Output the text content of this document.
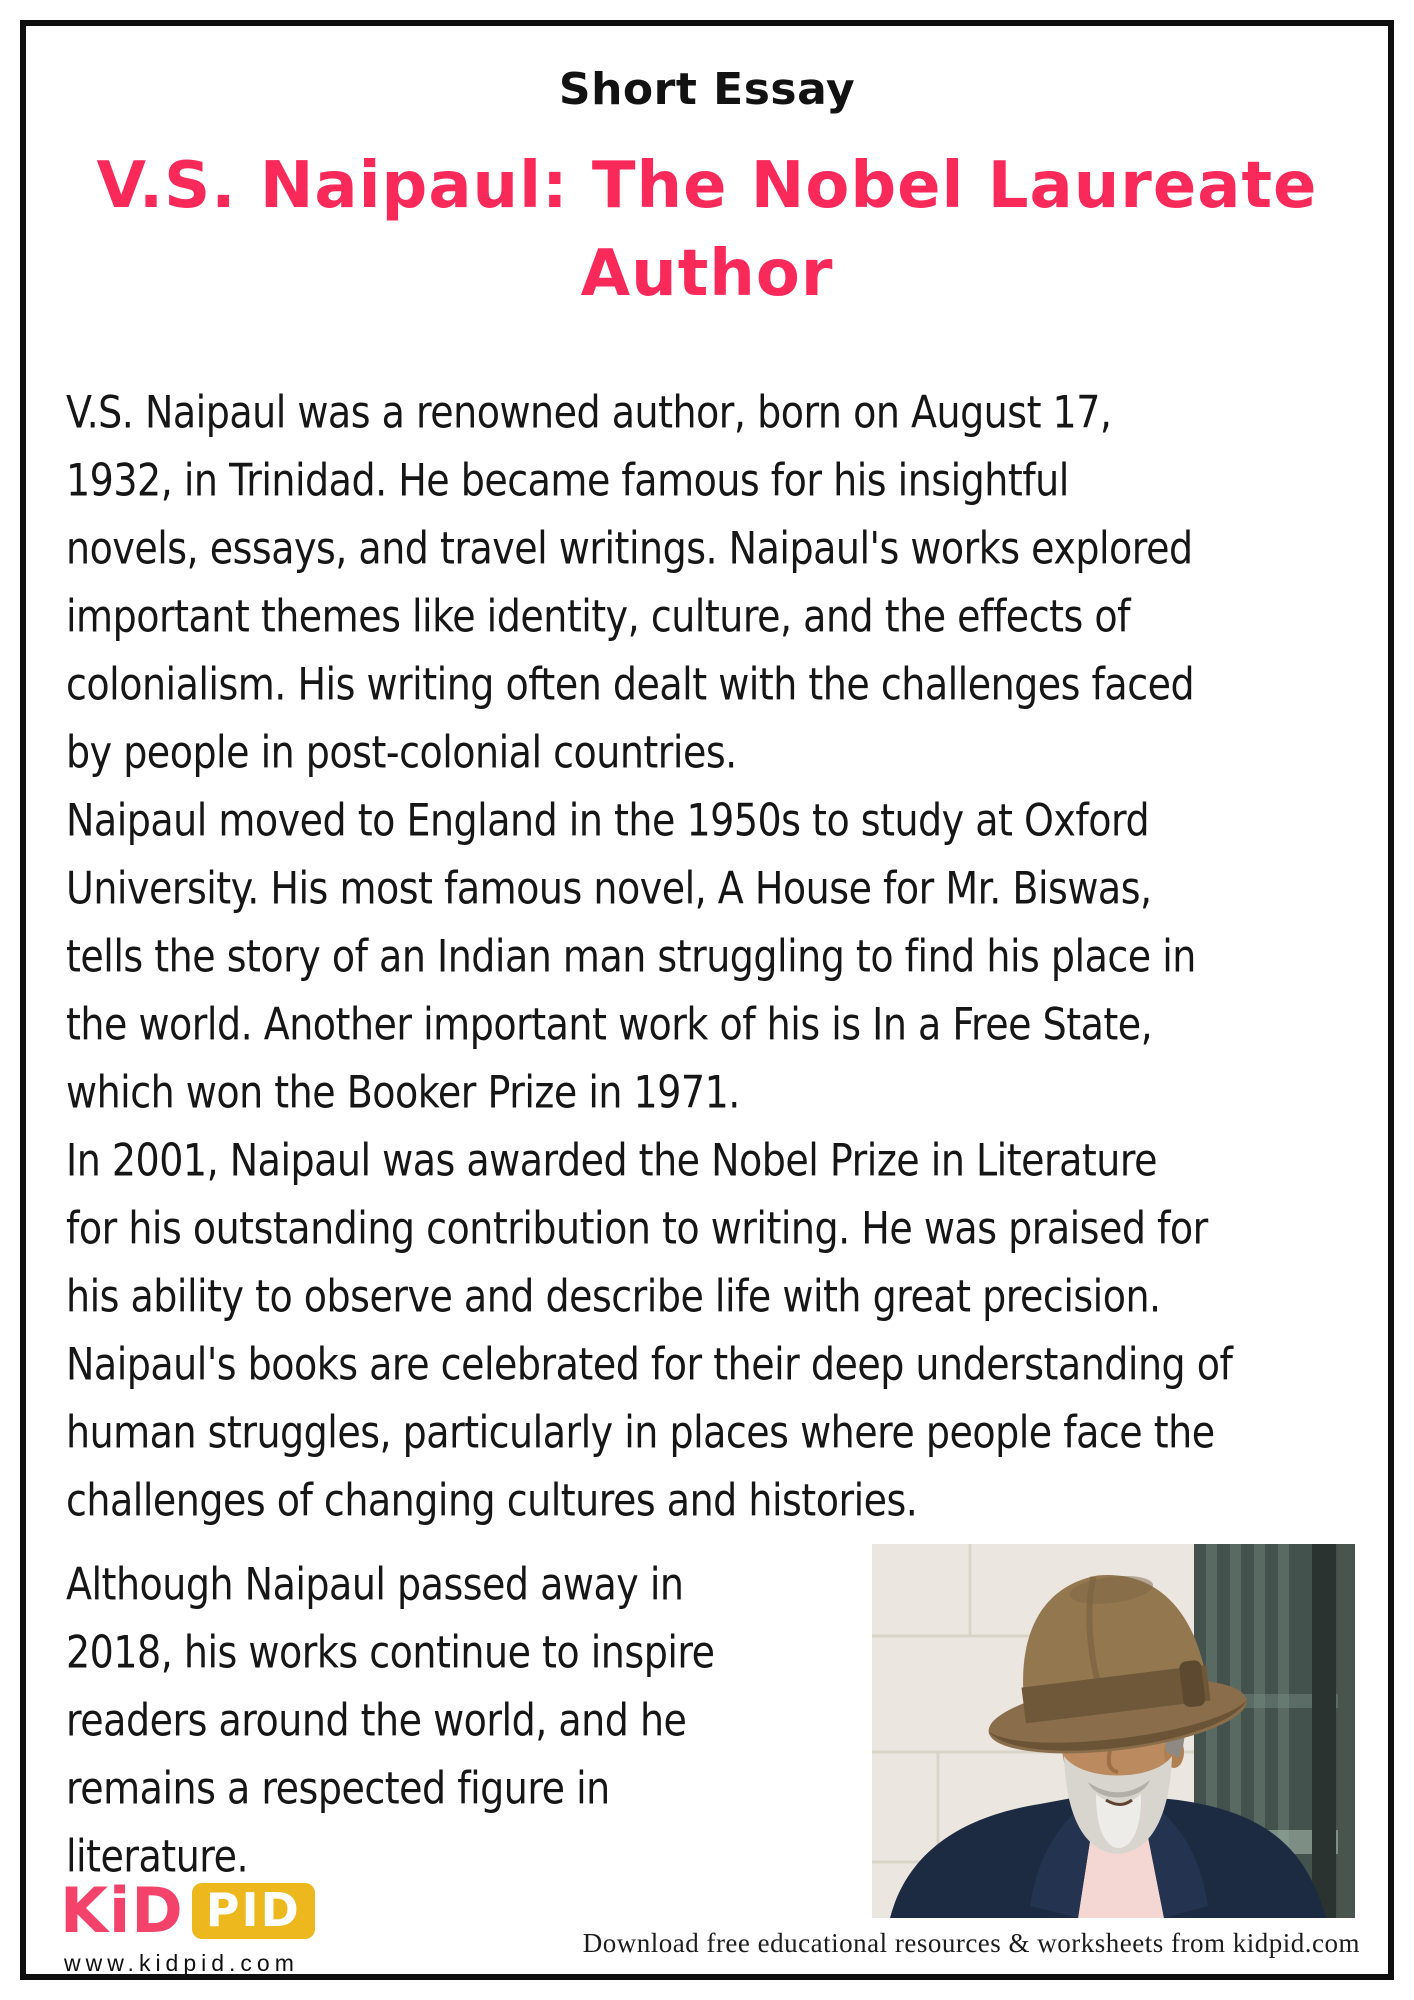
Short Essay
V.S. Naipaul: The Nobel Laureate
Author
V.S. Naipaul was a renowned author, born on August 17,
1932, in Trinidad. He became famous for his insightful
novels, essays, and travel writings. Naipaul's works explored
important themes like identity, culture, and the effects of
colonialism. His writing often dealt with the challenges faced
by people in post-colonial countries.
Naipaul moved to England in the 1950s to study at Oxford
University. His most famous novel, A House for Mr. Biswas,
tells the story of an Indian man struggling to find his place in
the world. Another important work of his is In a Free State,
which won the Booker Prize in 1971.
In 2001, Naipaul was awarded the Nobel Prize in Literature
for his outstanding contribution to writing. He was praised for
his ability to observe and describe life with great precision.
Naipaul's books are celebrated for their deep understanding of
human struggles, particularly in places where people face the
challenges of changing cultures and histories.
Although Naipaul passed away in
2018, his works continue to inspire
readers around the world, and he
remains a respected figure in
literature.
KiD PID
www.kidpid.com
Download free educational resources & worksheets from kidpid.com
